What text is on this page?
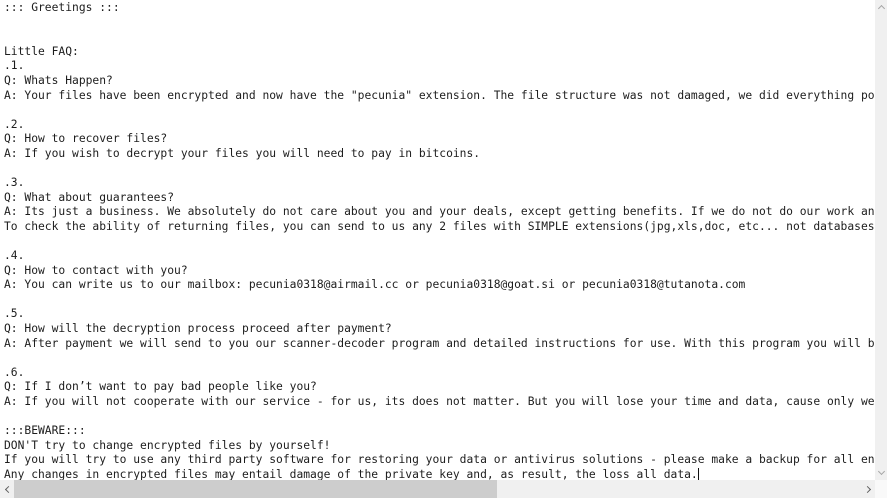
::: Greetings :::
Little FAQ:
.1.
Q: Whats Happen?
A: Your files have been encrypted and now have the "pecunia" extension. The file structure was not damaged, we did everything po
.2.
Q: How to recover files?
A: If you wish to decrypt your files you will need to pay in bitcoins.
.3.
Q: What about guarantees?
A: Its just a business. We absolutely do not care about you and your deals, except getting benefits. If we do not do our work an
To check the ability of returning files, you can send to us any 2 files with SIMPLE extensions(jpg,xls,doc, etc... not databases
.4.
Q: How to contact with you?
A: You can write us to our mailbox: pecunia0318@airmail.cc or pecunia0318@goat.si or pecunia0318@tutanota.com
.5.
Q: How will the decryption process proceed after payment?
A: After payment we will send to you our scanner-decoder program and detailed instructions for use. With this program you will b
.6.
Q: If I don’t want to pay bad people like you?
A: If you will not cooperate with our service - for us, its does not matter. But you will lose your time and data, cause only we
:::BEWARE:::
DON'T try to change encrypted files by yourself!
If you will try to use any third party software for restoring your data or antivirus solutions - please make a backup for all en
Any changes in encrypted files may entail damage of the private key and, as result, the loss all data.
